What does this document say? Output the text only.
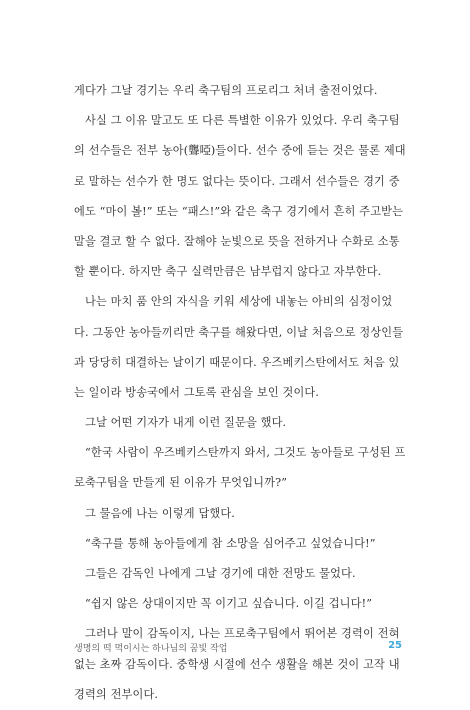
게다가 그날 경기는 우리 축구팀의 프로리그 처녀 출전이었다.
사실 그 이유 말고도 또 다른 특별한 이유가 있었다. 우리 축구팀
의 선수들은 전부 농아(聾啞)들이다. 선수 중에 듣는 것은 물론 제대
로 말하는 선수가 한 명도 없다는 뜻이다. 그래서 선수들은 경기 중
에도 “마이 볼!” 또는 “패스!”와 같은 축구 경기에서 흔히 주고받는
말을 결코 할 수 없다. 잘해야 눈빛으로 뜻을 전하거나 수화로 소통
할 뿐이다. 하지만 축구 실력만큼은 남부럽지 않다고 자부한다.
나는 마치 품 안의 자식을 키워 세상에 내놓는 아비의 심정이었
다. 그동안 농아들끼리만 축구를 해왔다면, 이날 처음으로 정상인들
과 당당히 대결하는 날이기 때문이다. 우즈베키스탄에서도 처음 있
는 일이라 방송국에서 그토록 관심을 보인 것이다.
그날 어떤 기자가 내게 이런 질문을 했다.
“한국 사람이 우즈베키스탄까지 와서, 그것도 농아들로 구성된 프
로축구팀을 만들게 된 이유가 무엇입니까?”
그 물음에 나는 이렇게 답했다.
“축구를 통해 농아들에게 참 소망을 심어주고 싶었습니다!”
그들은 감독인 나에게 그날 경기에 대한 전망도 물었다.
“쉽지 않은 상대이지만 꼭 이기고 싶습니다. 이길 겁니다!”
그러나 말이 감독이지, 나는 프로축구팀에서 뛰어본 경력이 전혀
없는 초짜 감독이다. 중학생 시절에 선수 생활을 해본 것이 고작 내
경력의 전부이다.
생명의 떡 먹이시는 하나님의 꿈빛 작업	25
